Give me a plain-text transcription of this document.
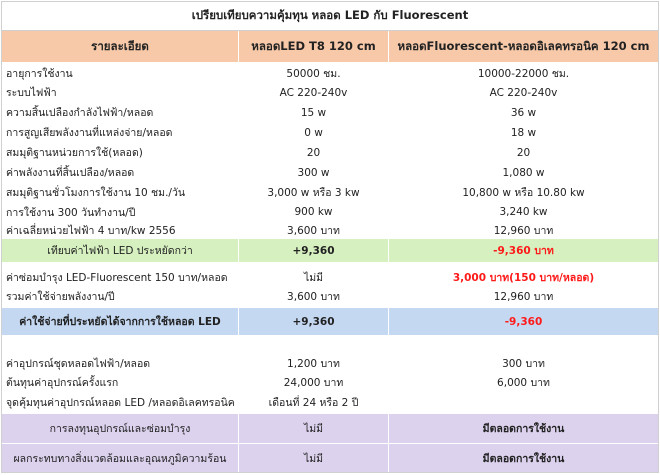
เปรียบเทียบความคุ้มทุน หลอด LED กับ Fluorescent
รายละเอียด	หลอดLED T8 120 cm	หลอดFluorescent-หลอดอิเลคทรอนิค 120 cm
อายุการใช้งาน	50000 ชม.	10000-22000 ชม.
ระบบไฟฟ้า	AC 220-240v	AC 220-240v
ความสิ้นเปลืองกำลังไฟฟ้า/หลอด	15 w	36 w
การสูญเสียพลังงานที่แหล่งจ่าย/หลอด	0 w	18 w
สมมุติฐานหน่วยการใช้(หลอด)	20	20
ค่าพลังงานที่สิ้นเปลือง/หลอด	300 w	1,080 w
สมมุติฐานชั่วโมงการใช้งาน 10 ชม./วัน	3,000 w หรือ 3 kw	10,800 w หรือ 10.80 kw
การใช้งาน 300 วันทำงาน/ปี	900 kw	3,240 kw
ค่าเฉลี่ยหน่วยไฟฟ้า 4 บาท/kw 2556	3,600 บาท	12,960 บาท
เทียบค่าไฟฟ้า LED ประหยัดกว่า	+9,360	-9,360 บาท
ค่าซ่อมบำรุง LED-Fluorescent 150 บาท/หลอด	ไม่มี	3,000 บาท(150 บาท/หลอด)
รวมค่าใช้จ่ายพลังงาน/ปี	3,600 บาท	12,960 บาท
ค่าใช้จ่ายที่ประหยัดได้จากการใช้หลอด LED	+9,360	-9,360
ค่าอุปกรณ์ชุดหลอดไฟฟ้า/หลอด	1,200 บาท	300 บาท
ต้นทุนค่าอุปกรณ์ครั้งแรก	24,000 บาท	6,000 บาท
จุดคุ้มทุนค่าอุปกรณ์หลอด LED /หลอดอิเลคทรอนิค	เดือนที่ 24 หรือ 2 ปี
การลงทุนอุปกรณ์และซ่อมบำรุง	ไม่มี	มีตลอดการใช้งาน
ผลกระทบทางสิ่งแวดล้อมและอุณหภูมิความร้อน	ไม่มี	มีตลอดการใช้งาน
